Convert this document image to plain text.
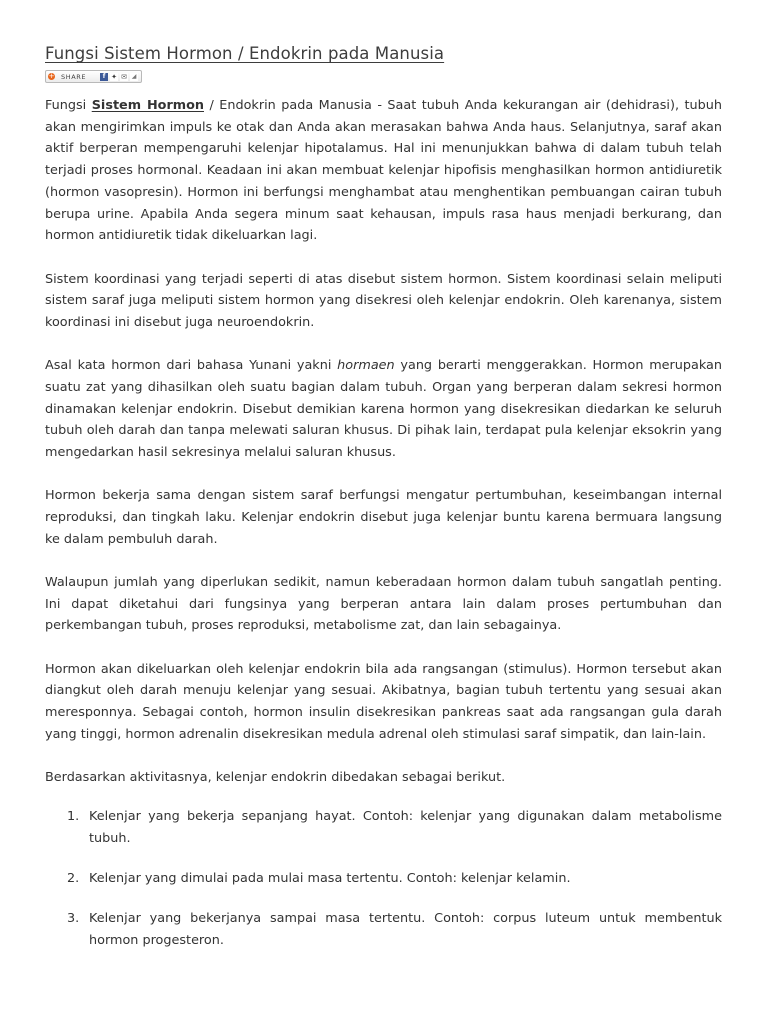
Fungsi Sistem Hormon / Endokrin pada Manusia
+ SHARE	f ✦ ✉ ◢

Fungsi Sistem Hormon / Endokrin pada Manusia - Saat tubuh Anda kekurangan air (dehidrasi), tubuh akan mengirimkan impuls ke otak dan Anda akan merasakan bahwa Anda haus. Selanjutnya, saraf akan aktif berperan mempengaruhi kelenjar hipotalamus. Hal ini menunjukkan bahwa di dalam tubuh telah terjadi proses hormonal. Keadaan ini akan membuat kelenjar hipofisis menghasilkan hormon antidiuretik (hormon vasopresin). Hormon ini berfungsi menghambat atau menghentikan pembuangan cairan tubuh berupa urine. Apabila Anda segera minum saat kehausan, impuls rasa haus menjadi berkurang, dan hormon antidiuretik tidak dikeluarkan lagi.

Sistem koordinasi yang terjadi seperti di atas disebut sistem hormon. Sistem koordinasi selain meliputi sistem saraf juga meliputi sistem hormon yang disekresi oleh kelenjar endokrin. Oleh karenanya, sistem koordinasi ini disebut juga neuroendokrin.

Asal kata hormon dari bahasa Yunani yakni hormaen yang berarti menggerakkan. Hormon merupakan suatu zat yang dihasilkan oleh suatu bagian dalam tubuh. Organ yang berperan dalam sekresi hormon dinamakan kelenjar endokrin. Disebut demikian karena hormon yang disekresikan diedarkan ke seluruh tubuh oleh darah dan tanpa melewati saluran khusus. Di pihak lain, terdapat pula kelenjar eksokrin yang mengedarkan hasil sekresinya melalui saluran khusus.

Hormon bekerja sama dengan sistem saraf berfungsi mengatur pertumbuhan, keseimbangan internal reproduksi, dan tingkah laku. Kelenjar endokrin disebut juga kelenjar buntu karena bermuara langsung ke dalam pembuluh darah.

Walaupun jumlah yang diperlukan sedikit, namun keberadaan hormon dalam tubuh sangatlah penting. Ini dapat diketahui dari fungsinya yang berperan antara lain dalam proses pertumbuhan dan perkembangan tubuh, proses reproduksi, metabolisme zat, dan lain sebagainya.

Hormon akan dikeluarkan oleh kelenjar endokrin bila ada rangsangan (stimulus). Hormon tersebut akan diangkut oleh darah menuju kelenjar yang sesuai. Akibatnya, bagian tubuh tertentu yang sesuai akan meresponnya. Sebagai contoh, hormon insulin disekresikan pankreas saat ada rangsangan gula darah yang tinggi, hormon adrenalin disekresikan medula adrenal oleh stimulasi saraf simpatik, dan lain-lain.

Berdasarkan aktivitasnya, kelenjar endokrin dibedakan sebagai berikut.

1. Kelenjar yang bekerja sepanjang hayat. Contoh: kelenjar yang digunakan dalam metabolisme tubuh.
2. Kelenjar yang dimulai pada mulai masa tertentu. Contoh: kelenjar kelamin.
3. Kelenjar yang bekerjanya sampai masa tertentu. Contoh: corpus luteum untuk membentuk hormon progesteron.
